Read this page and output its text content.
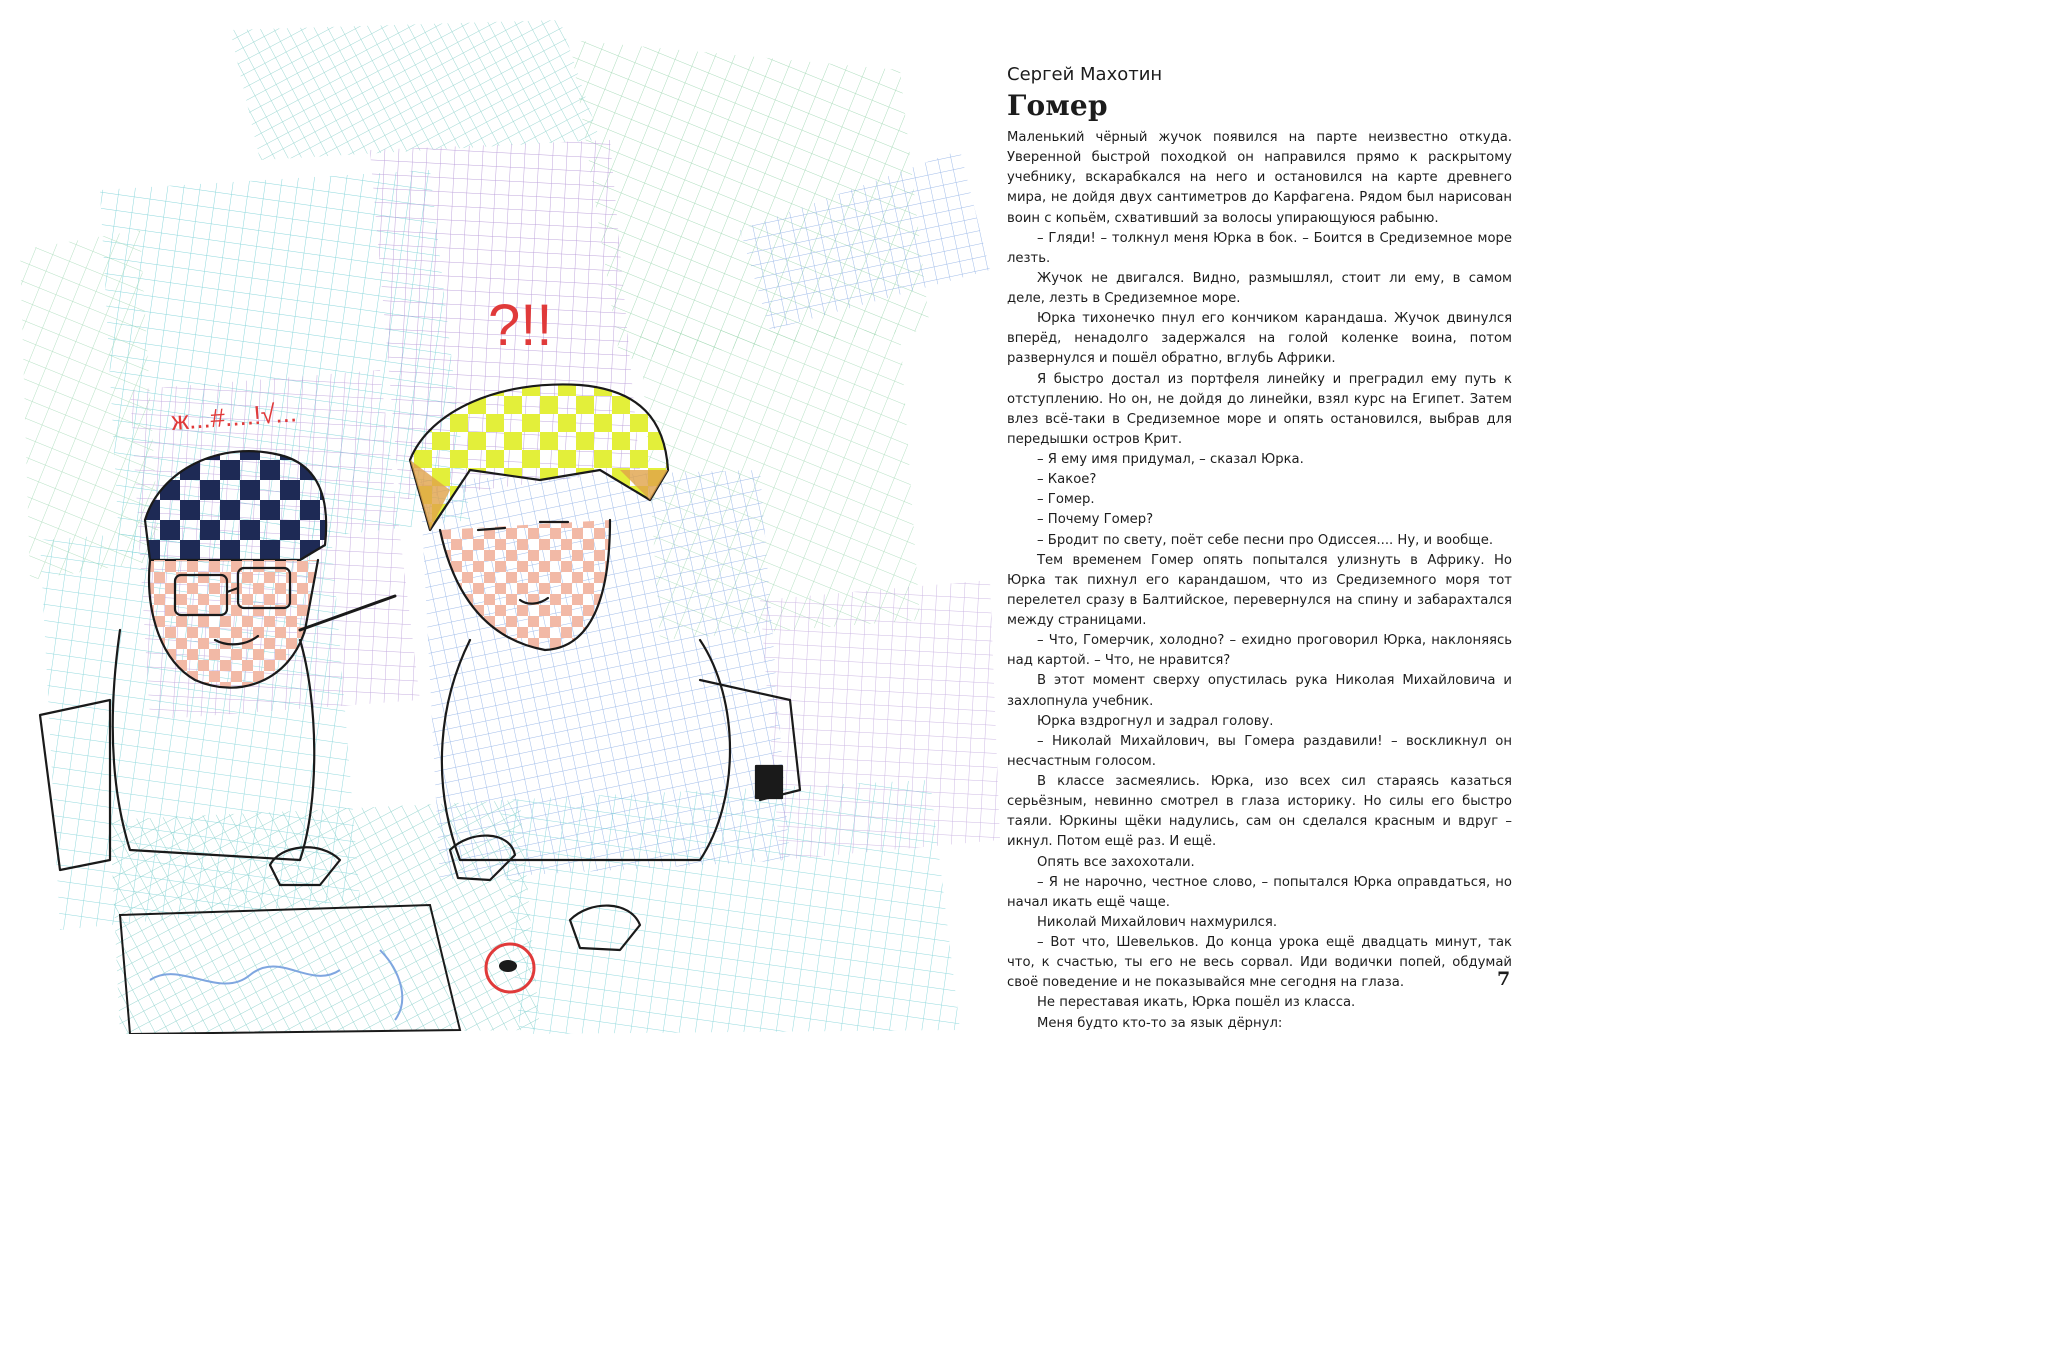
?!!
ж...#....!√...
Сергей Махотин
Гомер

Маленький чёрный жучок появился на парте неизвестно откуда. Уверенной быстрой походкой он направился прямо к раскрытому учебнику, вскарабкался на него и остановился на карте древнего мира, не дойдя двух сантиметров до Карфагена. Рядом был нарисован воин с копьём, схвативший за волосы упирающуюся рабыню.

– Гляди! – толкнул меня Юрка в бок. – Боится в Средиземное море лезть.

Жучок не двигался. Видно, размышлял, стоит ли ему, в самом деле, лезть в Средиземное море.

Юрка тихонечко пнул его кончиком карандаша. Жучок двинулся вперёд, ненадолго задержался на голой коленке воина, потом развернулся и пошёл обратно, вглубь Африки.

Я быстро достал из портфеля линейку и преградил ему путь к отступлению. Но он, не дойдя до линейки, взял курс на Египет. Затем влез всё-таки в Средиземное море и опять остановился, выбрав для передышки остров Крит.

– Я ему имя придумал, – сказал Юрка.

– Какое?

– Гомер.

– Почему Гомер?

– Бродит по свету, поёт себе песни про Одиссея.... Ну, и вообще.

Тем временем Гомер опять попытался улизнуть в Африку. Но Юрка так пихнул его карандашом, что из Средиземного моря тот перелетел сразу в Балтийское, перевернулся на спину и забарахтался между страницами.

– Что, Гомерчик, холодно? – ехидно проговорил Юрка, наклоняясь над картой. – Что, не нравится?

В этот момент сверху опустилась рука Николая Михайловича и захлопнула учебник.

Юрка вздрогнул и задрал голову.

– Николай Михайлович, вы Гомера раздавили! – воскликнул он несчастным голосом.

В классе засмеялись. Юрка, изо всех сил стараясь казаться серьёзным, невинно смотрел в глаза историку. Но силы его быстро таяли. Юркины щёки надулись, сам он сделался красным и вдруг – икнул. Потом ещё раз. И ещё.

Опять все захохотали.

– Я не нарочно, честное слово, – попытался Юрка оправдаться, но начал икать ещё чаще.

Николай Михайлович нахмурился.

– Вот что, Шевельков. До конца урока ещё двадцать минут, так что, к счастью, ты его не весь сорвал. Иди водички попей, обдумай своё поведение и не показывайся мне сегодня на глаза.

Не переставая икать, Юрка пошёл из класса.

Меня будто кто-то за язык дёрнул:

7
